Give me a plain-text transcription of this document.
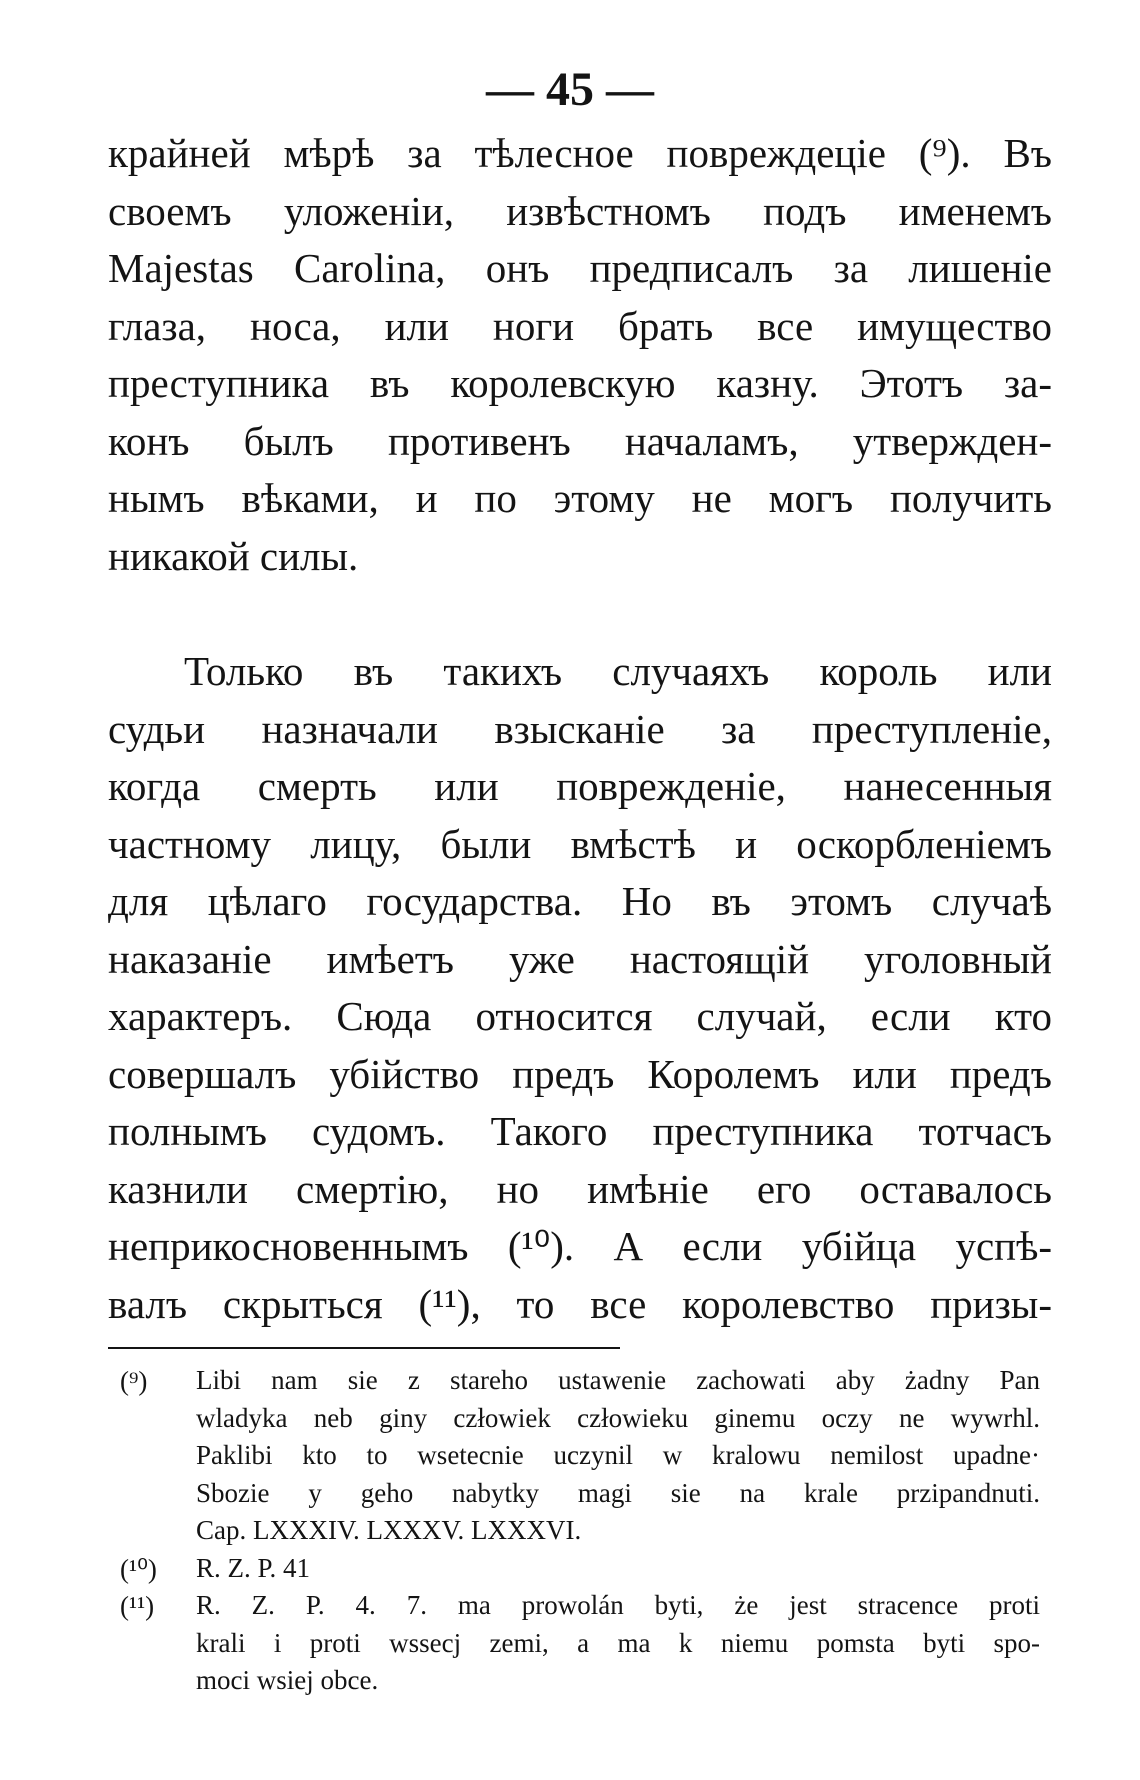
— 45 —
крайней мѣрѣ за тѣлесное повреждеціе (⁹). Въ
своемъ уложеніи, извѣстномъ подъ именемъ
Majestas Carolina, онъ предписалъ за лишеніе
глаза, носа, или ноги брать все имущество
преступника въ королевскую казну. Этотъ за-
конъ былъ противенъ началамъ, утвержден-
нымъ вѣками, и по этому не могъ получить
никакой силы.
Только въ такихъ случаяхъ король или
судьи назначали взысканіе за преступленіе,
когда смерть или поврежденіе, нанесенныя
частному лицу, были вмѣстѣ и оскорбленіемъ
для цѣлаго государства. Но въ этомъ случаѣ
наказаніе имѣетъ уже настоящій уголовный
характеръ. Сюда относится случай, если кто
совершалъ убійство предъ Королемъ или предъ
полнымъ судомъ. Такого преступника тотчасъ
казнили смертію, но имѣніе его оставалось
неприкосновеннымъ (¹⁰). А если убійца успѣ-
валъ скрыться (¹¹), то все королевство призы-
(⁹) Libi nam sie z stareho ustawenie zachowati aby żadny Pan
wladyka neb giny człowiek człowieku ginemu oczy ne wywrhl.
Paklibi kto to wsetecnie uczynil w kralowu nemilost upadne·
Sbozie y geho nabytky magi sie na krale przipandnuti.
Cap. LXXXIV. LXXXV. LXXXVI.
(¹⁰) R. Z. P. 41
(¹¹) R. Z. P. 4. 7. ma prowolán byti, że jest stracence proti
krali i proti wssecj zemi, a ma k niemu pomsta byti spo-
moci wsiej obce.
